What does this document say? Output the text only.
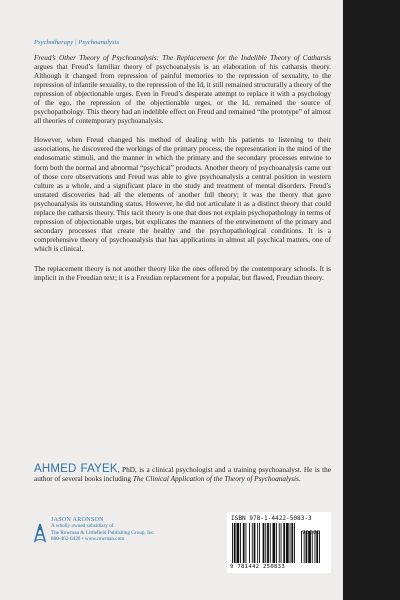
Psychotherapy | Psychoanalysis

Freud’s Other Theory of Psychoanalysis: The Replacement for the Indelible Theory of Catharsis argues that Freud’s familiar theory of psychoanalysis is an elaboration of his catharsis theory. Although it changed from repression of painful memories to the repression of sexuality, to the repression of infantile sexuality, to the repression of the Id, it still remained structurally a theory of the repression of objectionable urges. Even in Freud’s desperate attempt to replace it with a psychology of the ego, the repression of the objectionable urges, or the Id, remained the source of psychopathology. This theory had an indelible effect on Freud and remained “the prototype” of almost all theories of contemporary psychoanalysis.

However, when Freud changed his method of dealing with his patients to listening to their associations, he discovered the workings of the primary process, the representation in the mind of the endosomatic stimuli, and the manner in which the primary and the secondary processes entwine to form both the normal and abnormal “psychical” products. Another theory of psychoanalysis came out of those core observations and Freud was able to give psychoanalysis a central position in western culture as a whole, and a significant place in the study and treatment of mental disorders. Freud’s unstated discoveries had all the elements of another full theory; it was the theory that gave psychoanalysis its outstanding status. However, he did not articulate it as a distinct theory that could replace the catharsis theory. This tacit theory is one that does not explain psychopathology in terms of repression of objectionable urges, but explicates the manners of the entwinement of the primary and secondary processes that create the healthy and the psychopathological conditions. It is a comprehensive theory of psychoanalysis that has applications in almost all psychical matters, one of which is clinical.

The replacement theory is not another theory like the ones offered by the contemporary schools. It is implicit in the Freudian text; it is a Freudian replacement for a popular, but flawed, Freudian theory.

AHMED FAYEK, PhD, is a clinical psychologist and a training psychoanalyst. He is the author of several books including The Clinical Application of the Theory of Psychoanalysis.
JASON ARONSON
A wholly owned subsidiary of
The Rowman & Littlefield Publishing Group, Inc.
800-462-6420 • www.rowman.com
ISBN 978-1-4422-5083-3
9 781442 250833
90000
